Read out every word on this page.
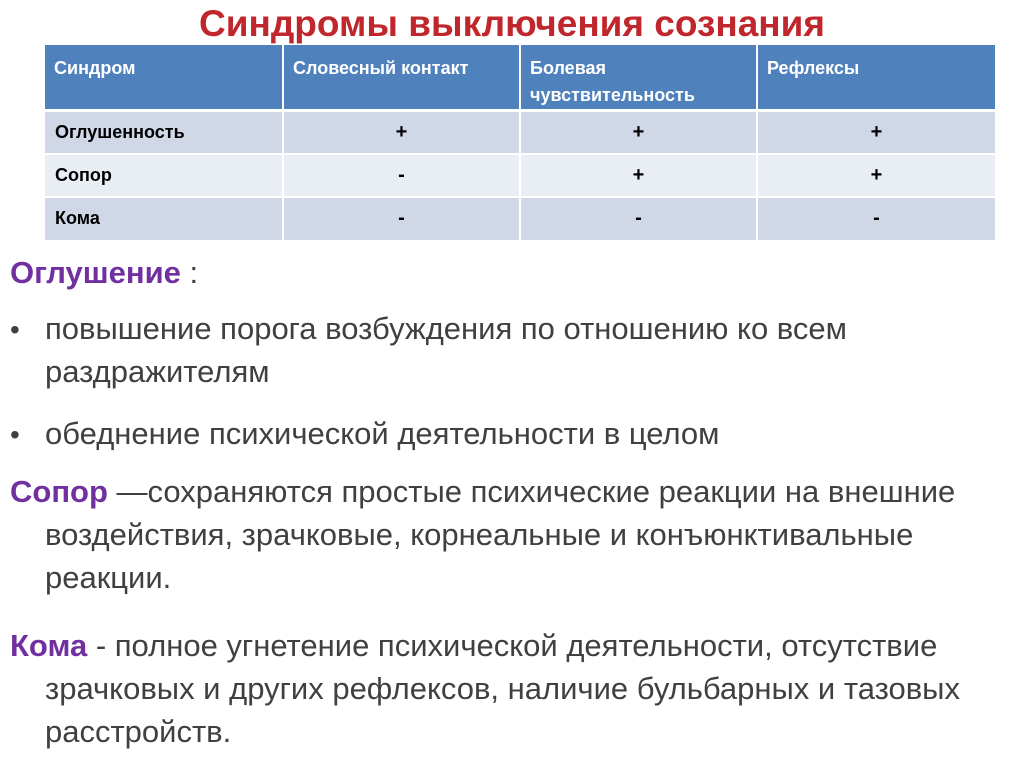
Синдромы выключения сознания
Синдром	Словесный контакт	Болевая чувствительность	Рефлексы
Оглушенность	+	+	+
Сопор	-	+	+
Кома	-	-	-
Оглушение :
• повышение порога возбуждения по отношению ко всем раздражителям
• обеднение психической деятельности в целом
Сопор —сохраняются простые психические реакции на внешние воздействия, зрачковые, корнеальные и конъюнктивальные реакции.
Кома - полное угнетение психической деятельности, отсутствие зрачковых и других рефлексов, наличие бульбарных и тазовых расстройств.
